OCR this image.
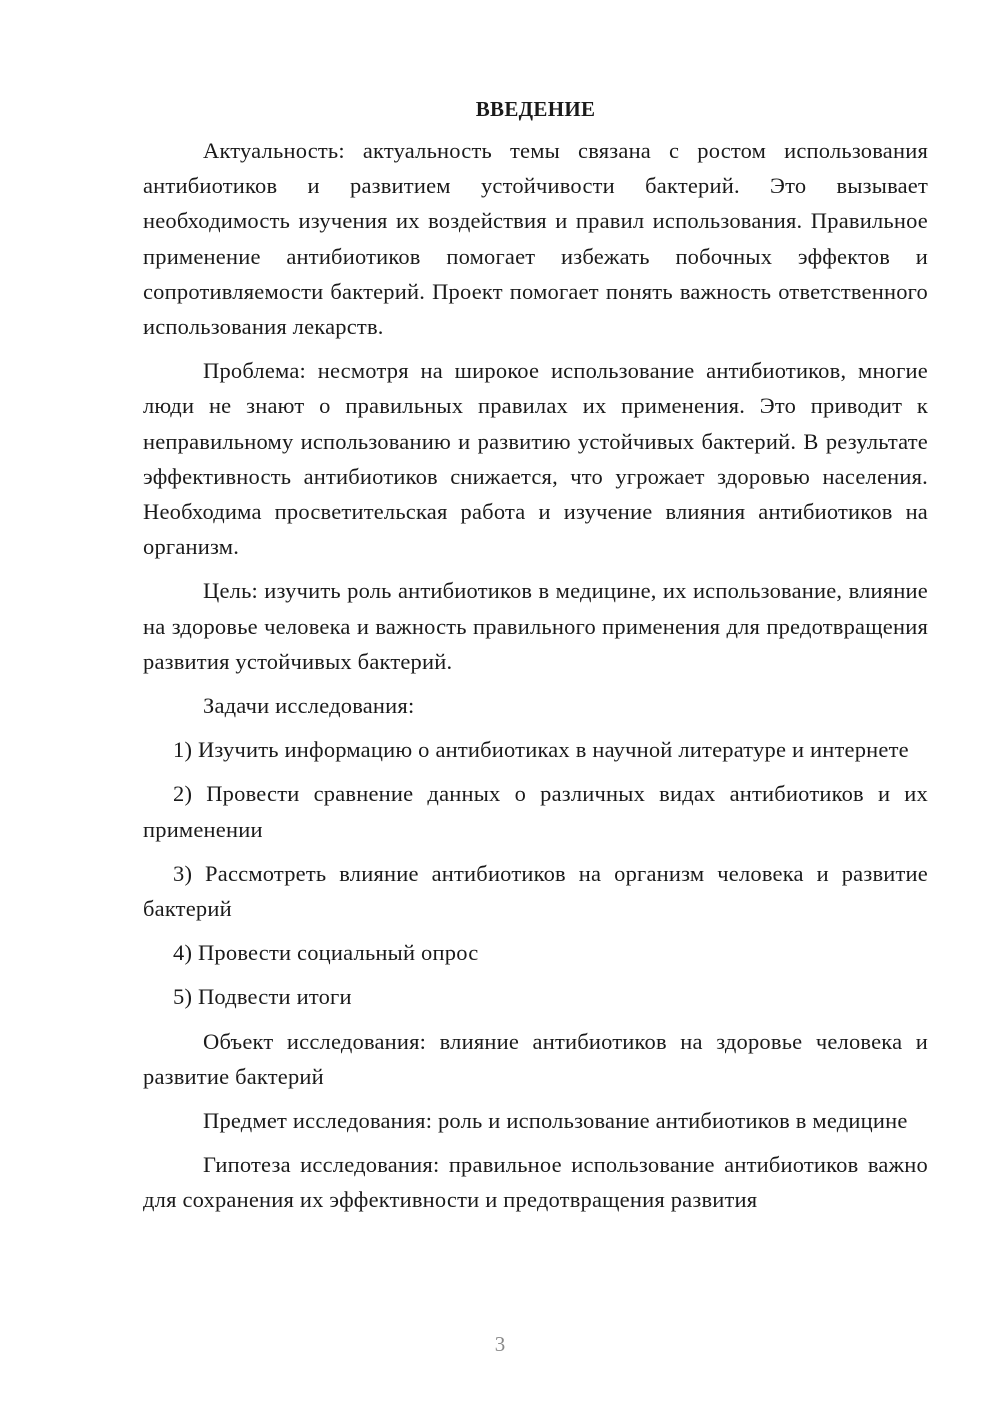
ВВЕДЕНИЕ

Актуальность: актуальность темы связана с ростом использования антибиотиков и развитием устойчивости бактерий. Это вызывает необходимость изучения их воздействия и правил использования. Правильное применение антибиотиков помогает избежать побочных эффектов и сопротивляемости бактерий. Проект помогает понять важность ответственного использования лекарств.

Проблема: несмотря на широкое использование антибиотиков, многие люди не знают о правильных правилах их применения. Это приводит к неправильному использованию и развитию устойчивых бактерий. В результате эффективность антибиотиков снижается, что угрожает здоровью населения. Необходима просветительская работа и изучение влияния антибиотиков на организм.

Цель: изучить роль антибиотиков в медицине, их использование, влияние на здоровье человека и важность правильного применения для предотвращения развития устойчивых бактерий.

Задачи исследования:

1) Изучить информацию о антибиотиках в научной литературе и интернете

2) Провести сравнение данных о различных видах антибиотиков и их применении

3) Рассмотреть влияние антибиотиков на организм человека и развитие бактерий

4) Провести социальный опрос

5) Подвести итоги

Объект исследования: влияние антибиотиков на здоровье человека и развитие бактерий

Предмет исследования: роль и использование антибиотиков в медицине

Гипотеза исследования: правильное использование антибиотиков важно для сохранения их эффективности и предотвращения развития

3
